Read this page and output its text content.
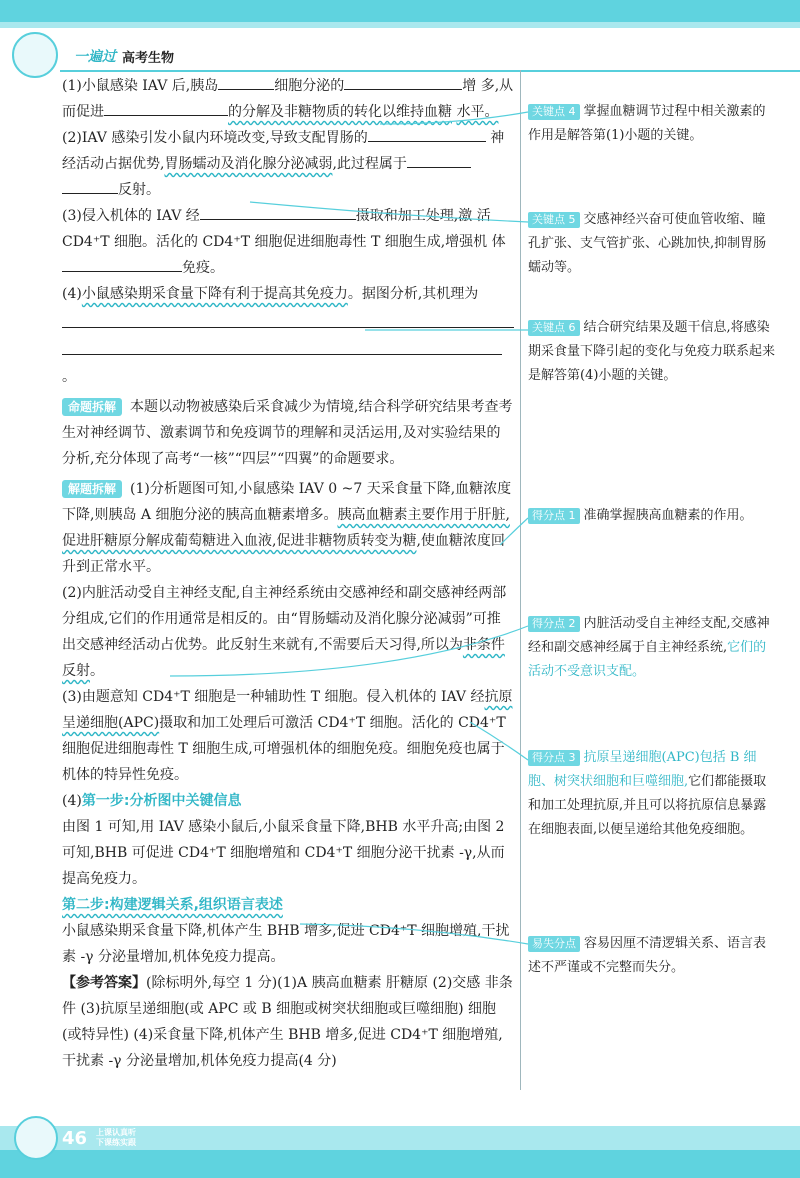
一遍过 高考生物

(1)小鼠感染 IAV 后,胰岛	细胞分泌的	增 多,从而促进	的分解及非糖物质的转化以维持血糖 水平。

(2)IAV 感染引发小鼠内环境改变,导致支配胃肠的	神经活动占据优势,胃肠蠕动及消化腺分泌减弱,此过程属于 反射。

(3)侵入机体的 IAV 经	摄取和加工处理,激 活 CD4⁺T 细胞。活化的 CD4⁺T 细胞促进细胞毒性 T 细胞生成,增强机 体免疫。

(4)小鼠感染期采食量下降有利于提高其免疫力。据图分析,其机理为

。

命题拆解 本题以动物被感染后采食减少为情境,结合科学研究结果考查考生对神经调节、激素调节和免疫调节的理解和灵活运用,及对实验结果的分析,充分体现了高考“一核”“四层”“四翼”的命题要求。

解题拆解 (1)分析题图可知,小鼠感染 IAV 0 ~7 天采食量下降,血糖浓度下降,则胰岛 A 细胞分泌的胰高血糖素增多。胰高血糖素主要作用于肝脏,促进肝糖原分解成葡萄糖进入血液,促进非糖物质转变为糖,使血糖浓度回升到正常水平。

(2)内脏活动受自主神经支配,自主神经系统由交感神经和副交感神经两部分组成,它们的作用通常是相反的。由“胃肠蠕动及消化腺分泌减弱”可推出交感神经活动占优势。此反射生来就有,不需要后天习得,所以为非条件反射。

(3)由题意知 CD4⁺T 细胞是一种辅助性 T 细胞。侵入机体的 IAV 经抗原呈递细胞(APC)摄取和加工处理后可激活 CD4⁺T 细胞。活化的 CD4⁺T 细胞促进细胞毒性 T 细胞生成,可增强机体的细胞免疫。细胞免疫也属于机体的特异性免疫。

(4)第一步:分析图中关键信息

由图 1 可知,用 IAV 感染小鼠后,小鼠采食量下降,BHB 水平升高;由图 2 可知,BHB 可促进 CD4⁺T 细胞增殖和 CD4⁺T 细胞分泌干扰素 -γ,从而提高免疫力。

第二步:构建逻辑关系,组织语言表述

小鼠感染期采食量下降,机体产生 BHB 增多,促进 CD4⁺T 细胞增殖,干扰素 -γ 分泌量增加,机体免疫力提高。

【参考答案】(除标明外,每空 1 分)(1)A 胰高血糖素 肝糖原 (2)交感 非条件 (3)抗原呈递细胞(或 APC 或 B 细胞或树突状细胞或巨噬细胞) 细胞(或特异性) (4)采食量下降,机体产生 BHB 增多,促进 CD4⁺T 细胞增殖,干扰素 -γ 分泌量增加,机体免疫力提高(4 分)

关键点 4 掌握血糖调节过程中相关激素的作用是解答第(1)小题的关键。
关键点 5 交感神经兴奋可使血管收缩、瞳孔扩张、支气管扩张、心跳加快,抑制胃肠蠕动等。
关键点 6 结合研究结果及题干信息,将感染期采食量下降引起的变化与免疫力联系起来是解答第(4)小题的关键。
得分点 1 准确掌握胰高血糖素的作用。
得分点 2 内脏活动受自主神经支配,交感神经和副交感神经属于自主神经系统,它们的活动不受意识支配。
得分点 3 抗原呈递细胞(APC)包括 B 细胞、树突状细胞和巨噬细胞,它们都能摄取和加工处理抗原,并且可以将抗原信息暴露在细胞表面,以便呈递给其他免疫细胞。
易失分点 容易因厘不清逻辑关系、语言表述不严谨或不完整而失分。
46 上课认真听
下课练实跟
